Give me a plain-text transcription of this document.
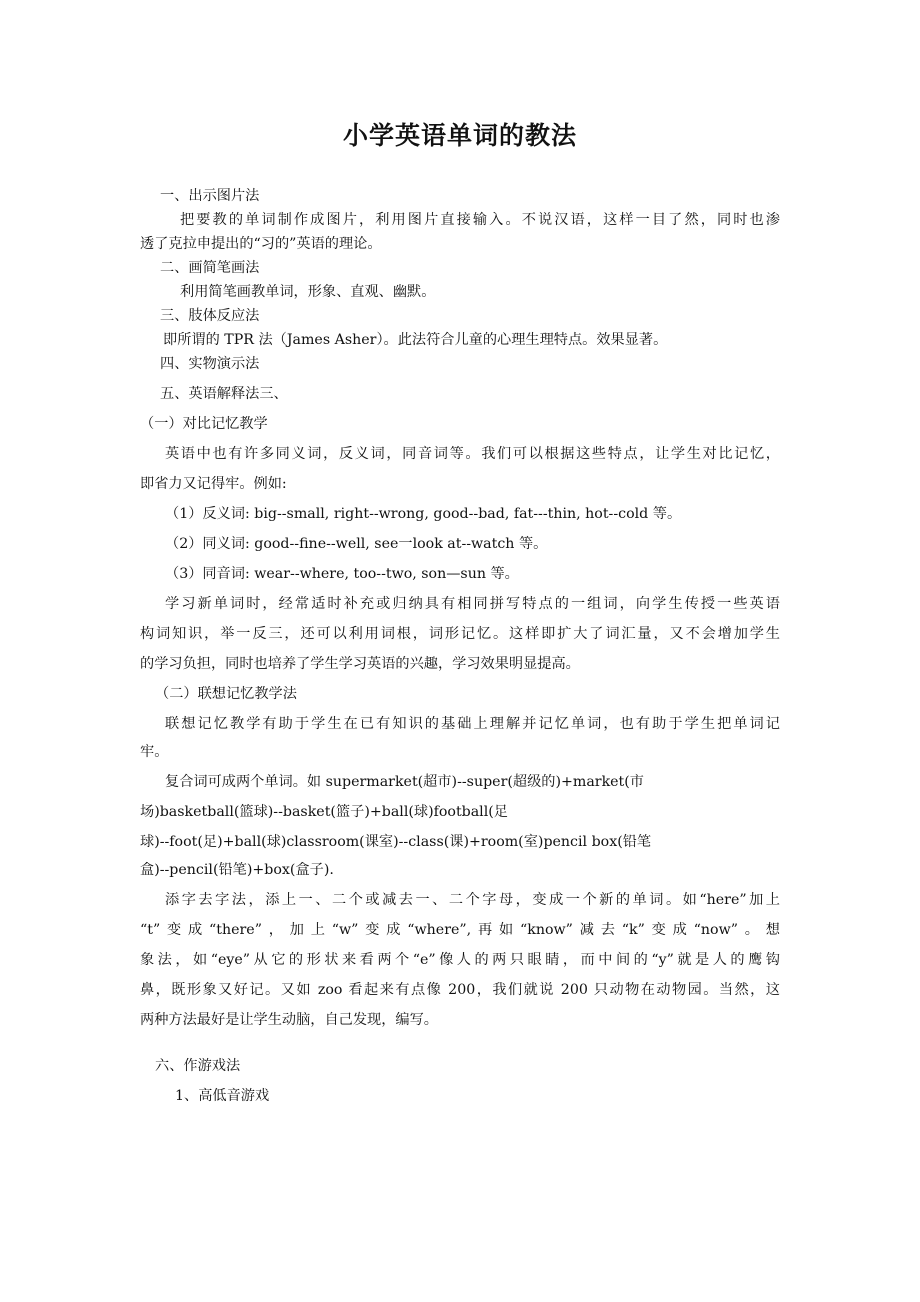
小学英语单词的教法
一、出示图片法
把要教的单词制作成图片，利用图片直接输入。不说汉语，这样一目了然，同时也渗
透了克拉申提出的“习的”英语的理论。
二、画简笔画法
利用简笔画教单词，形象、直观、幽默。
三、肢体反应法
即所谓的 TPR 法（James Asher）。此法符合儿童的心理生理特点。效果显著。
四、实物演示法
五、英语解释法三、
（一）对比记忆教学
英语中也有许多同义词，反义词，同音词等。我们可以根据这些特点，让学生对比记忆，
即省力又记得牢。例如:
（1）反义词: big--small, right--wrong, good--bad, fat---thin, hot--cold 等。
（2）同义词: good--fine--well, see一look at--watch 等。
（3）同音词: wear--where, too--two, son—sun 等。
学习新单词时，经常适时补充或归纳具有相同拼写特点的一组词，向学生传授一些英语
构词知识，举一反三，还可以利用词根，词形记忆。这样即扩大了词汇量，又不会增加学生
的学习负担，同时也培养了学生学习英语的兴趣，学习效果明显提高。
（二）联想记忆教学法
联想记忆教学有助于学生在已有知识的基础上理解并记忆单词，也有助于学生把单词记
牢。
复合词可成两个单词。如 supermarket(超市)--super(超级的)+market(市
场)basketball(篮球)--basket(篮子)+ball(球)football(足
球)--foot(足)+ball(球)classroom(课室)--class(课)+room(室)pencil box(铅笔
盒)--pencil(铅笔)+box(盒子).
添字去字法，添上一、二个或减去一、二个字母，变成一个新的单词。如“here”加上
“t”变成“there”，加上“w”变成“where”,再如“know”减去“k”变成“now”。想
象法，如“eye”从它的形状来看两个“e”像人的两只眼睛，而中间的“y”就是人的鹰钩
鼻，既形象又好记。又如 zoo 看起来有点像 200，我们就说 200 只动物在动物园。当然，这
两种方法最好是让学生动脑，自己发现，编写。
六、作游戏法
1、高低音游戏
